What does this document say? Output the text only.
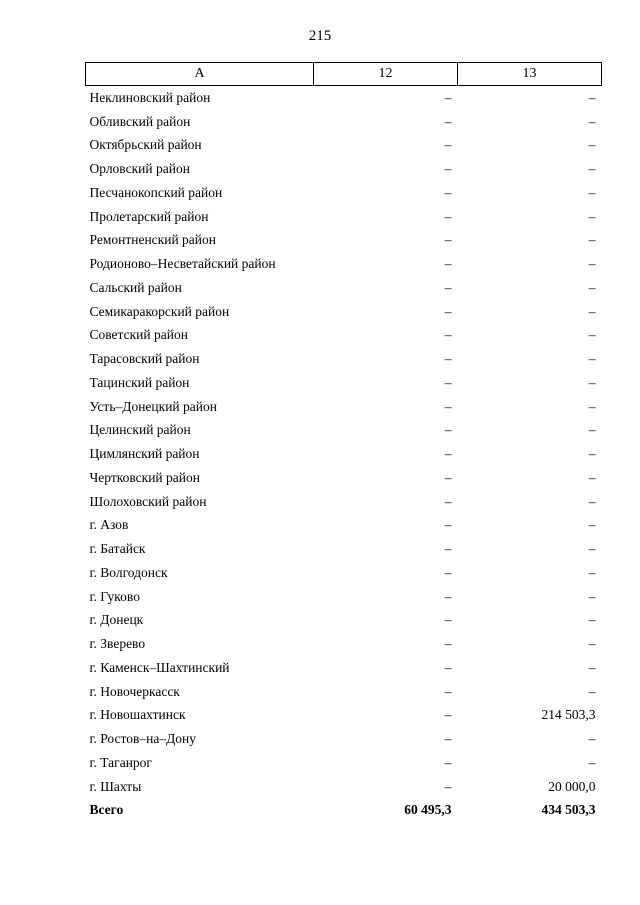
215
А	12	13
Неклиновский район	–	–
Обливский район	–	–
Октябрьский район	–	–
Орловский район	–	–
Песчанокопский район	–	–
Пролетарский район	–	–
Ремонтненский район	–	–
Родионово–Несветайский район	–	–
Сальский район	–	–
Семикаракорский район	–	–
Советский район	–	–
Тарасовский район	–	–
Тацинский район	–	–
Усть–Донецкий район	–	–
Целинский район	–	–
Цимлянский район	–	–
Чертковский район	–	–
Шолоховский район	–	–
г. Азов	–	–
г. Батайск	–	–
г. Волгодонск	–	–
г. Гуково	–	–
г. Донецк	–	–
г. Зверево	–	–
г. Каменск–Шахтинский	–	–
г. Новочеркасск	–	–
г. Новошахтинск	–	214 503,3
г. Ростов–на–Дону	–	–
г. Таганрог	–	–
г. Шахты	–	20 000,0
Всего	60 495,3	434 503,3
